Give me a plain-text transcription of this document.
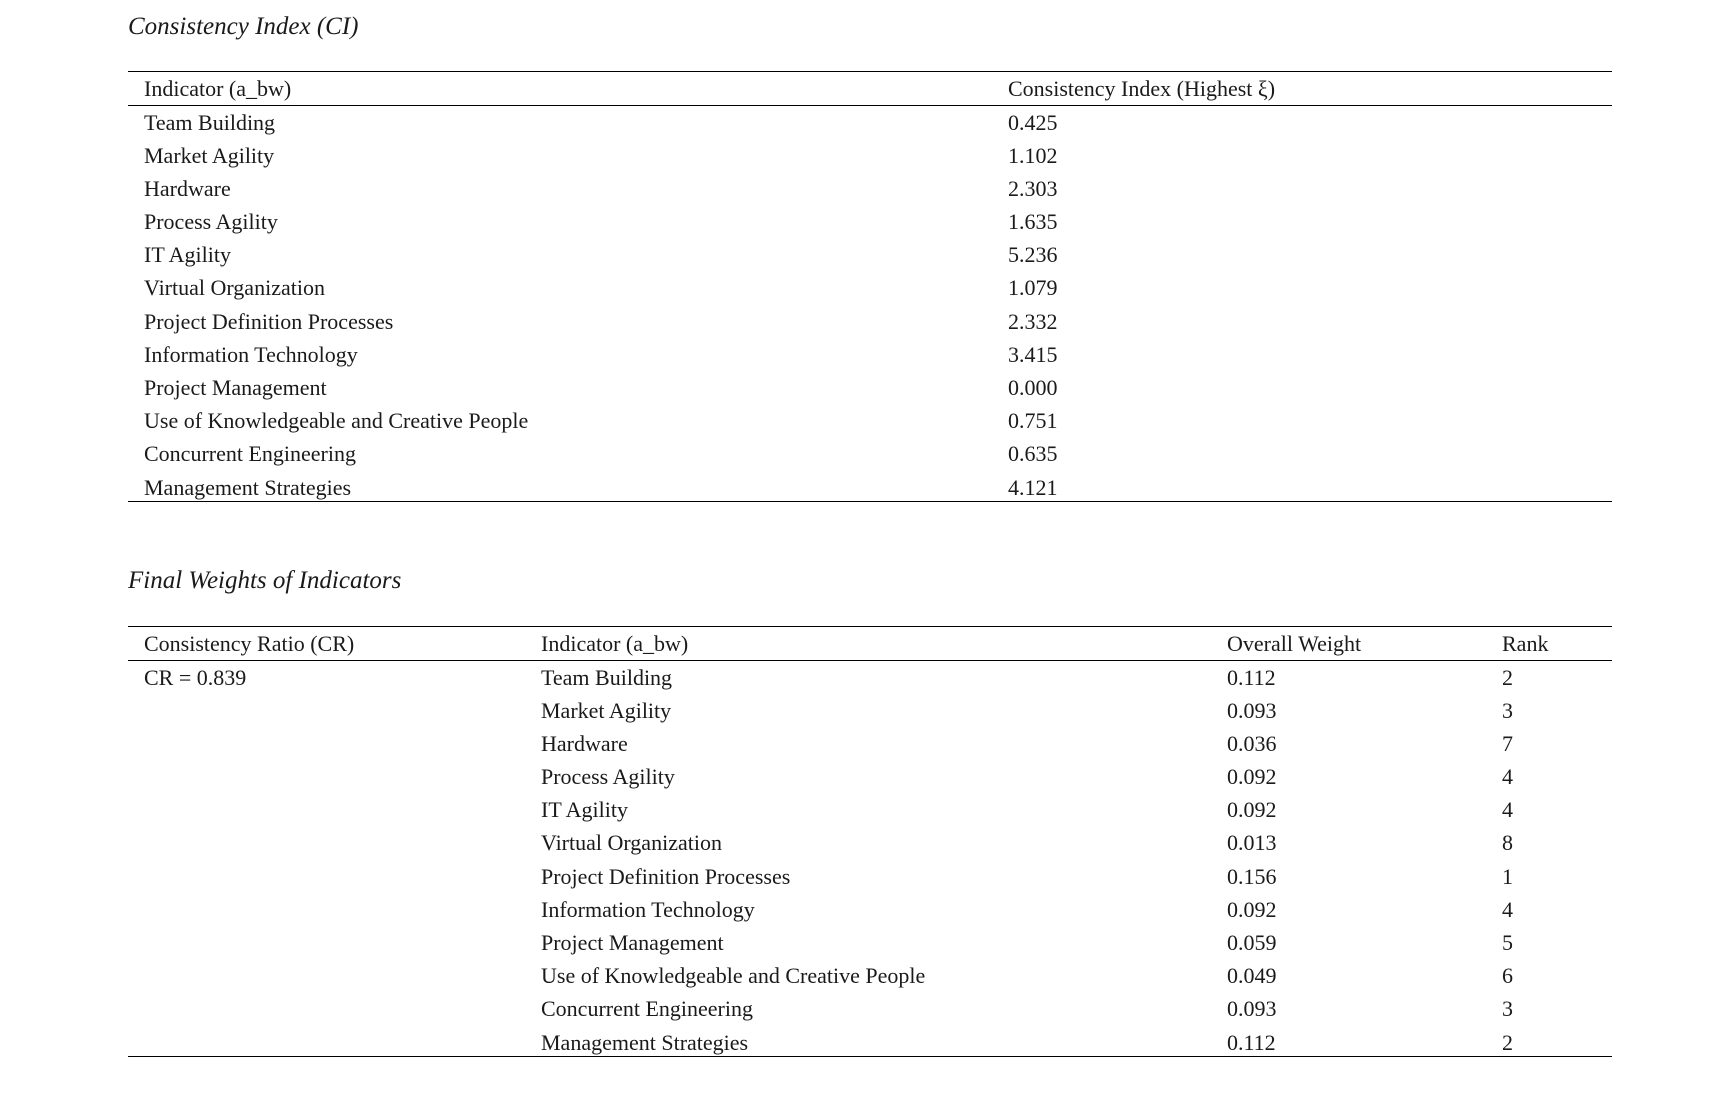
Consistency Index (CI)
Indicator (a_bw)	Consistency Index (Highest ξ)
Team Building	0.425
Market Agility	1.102
Hardware	2.303
Process Agility	1.635
IT Agility	5.236
Virtual Organization	1.079
Project Definition Processes	2.332
Information Technology	3.415
Project Management	0.000
Use of Knowledgeable and Creative People	0.751
Concurrent Engineering	0.635
Management Strategies	4.121
Final Weights of Indicators
Consistency Ratio (CR)	Indicator (a_bw)	Overall Weight	Rank
CR = 0.839	Team Building	0.112	2
	Market Agility	0.093	3
	Hardware	0.036	7
	Process Agility	0.092	4
	IT Agility	0.092	4
	Virtual Organization	0.013	8
	Project Definition Processes	0.156	1
	Information Technology	0.092	4
	Project Management	0.059	5
	Use of Knowledgeable and Creative People	0.049	6
	Concurrent Engineering	0.093	3
	Management Strategies	0.112	2
